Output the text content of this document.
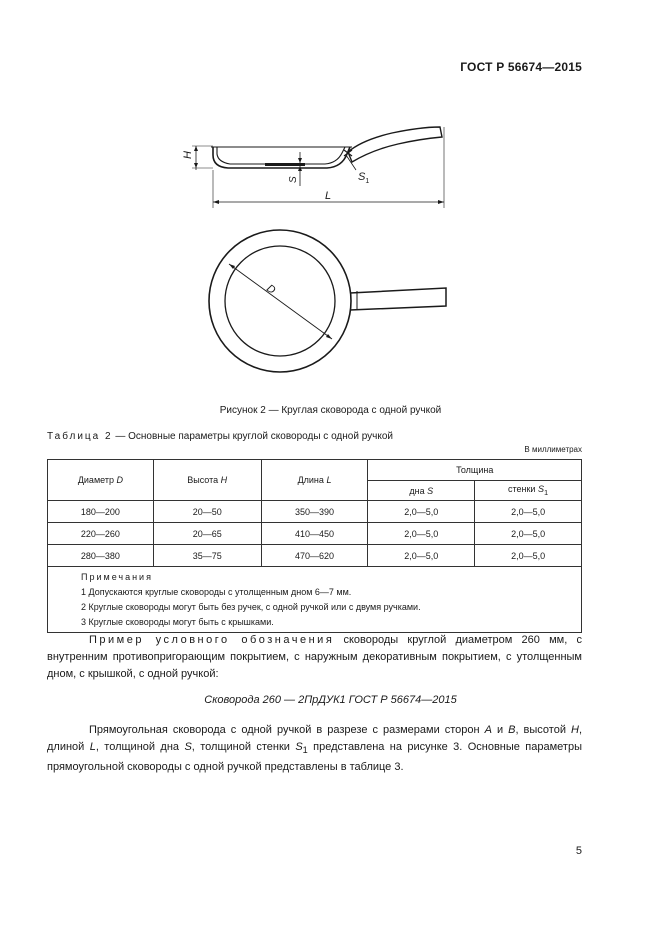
ГОСТ Р 56674—2015
H
S	$S_1$
L
D
Рисунок 2 — Круглая сковорода с одной ручкой
Таблица 2 — Основные параметры круглой сковороды с одной ручкой
В миллиметрах
Диаметр D	Высота H	Длина L	Толщина	
			дна S	стенки $S_1$
180—200	20—50	350—390	2,0—5,0	2,0—5,0
220—260	20—65	410—450	2,0—5,0	2,0—5,0
280—380	35—75	470—620	2,0—5,0	2,0—5,0

Примечания
1 Допускаются круглые сковороды с утолщенным дном 6—7 мм.
2 Круглые сковороды могут быть без ручек, с одной ручкой или с двумя ручками.
3 Круглые сковороды могут быть с крышками.				
Пример условного обозначения сковороды круглой диаметром 260 мм, с внутренним противопригорающим покрытием, с наружным декоративным покрытием, с утолщенным дном, с крышкой, с одной ручкой:
Сковорода 260 — 2ПрДУК1 ГОСТ Р 56674—2015
Прямоугольная сковорода с одной ручкой в разрезе с размерами сторон A и B, высотой H, длиной L, толщиной дна S, толщиной стенки $S_1$ представлена на рисунке 3. Основные параметры прямоугольной сковороды с одной ручкой представлены в таблице 3.
5
